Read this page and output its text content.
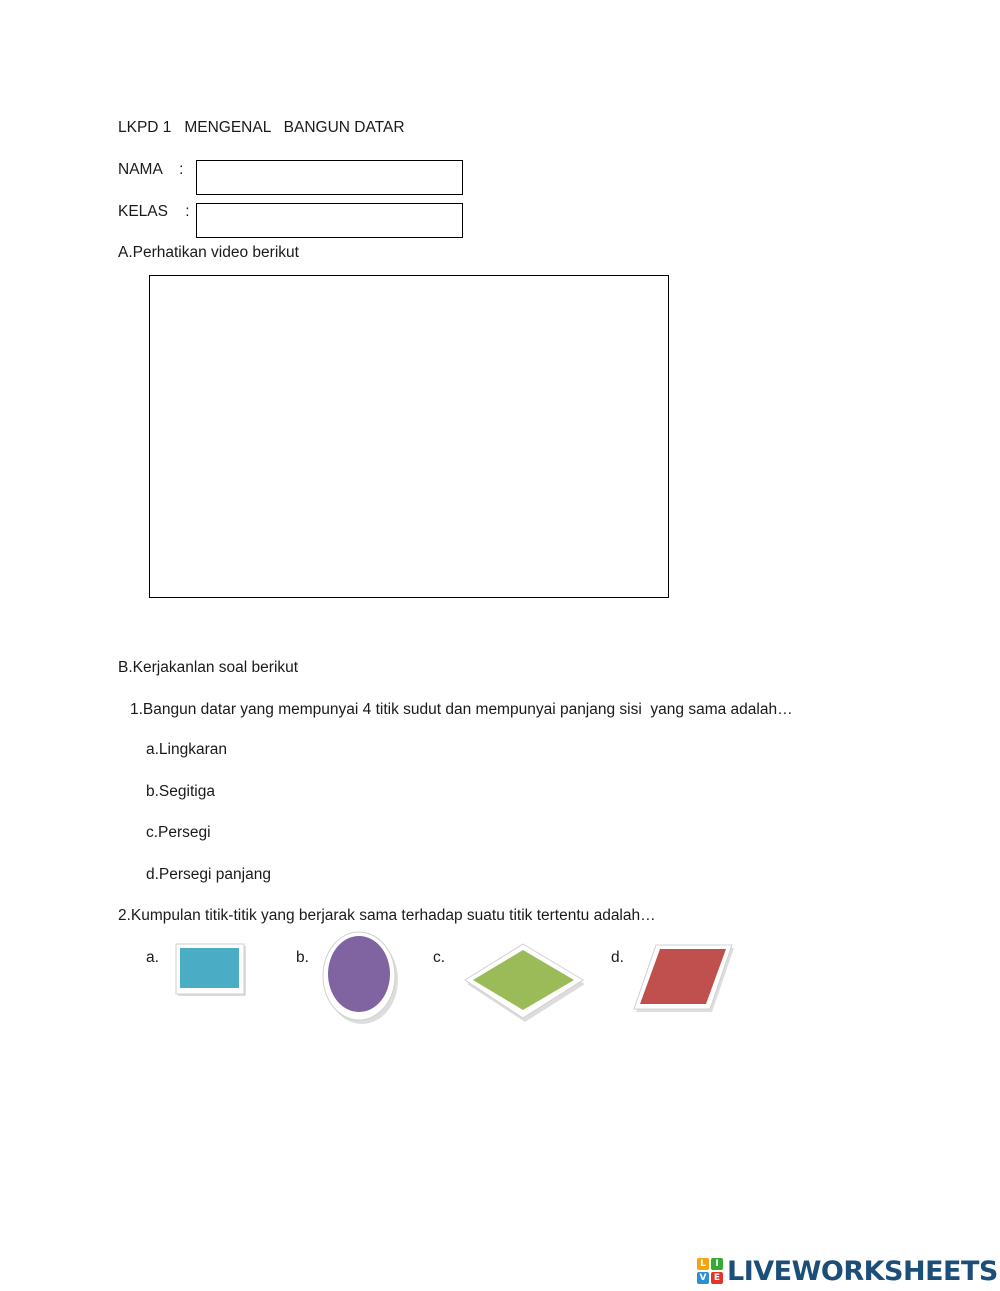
LKPD 1   MENGENAL   BANGUN DATAR
NAMA    :
KELAS    :
A.Perhatikan video berikut
B.Kerjakanlan soal berikut
1.Bangun datar yang mempunyai 4 titik sudut dan mempunyai panjang sisi  yang sama adalah…
a.Lingkaran
b.Segitiga
c.Persegi
d.Persegi panjang
2.Kumpulan titik-titik yang berjarak sama terhadap suatu titik tertentu adalah…
a.	b.	c.	d.
L	I
V E LIVEWORKSHEETS
